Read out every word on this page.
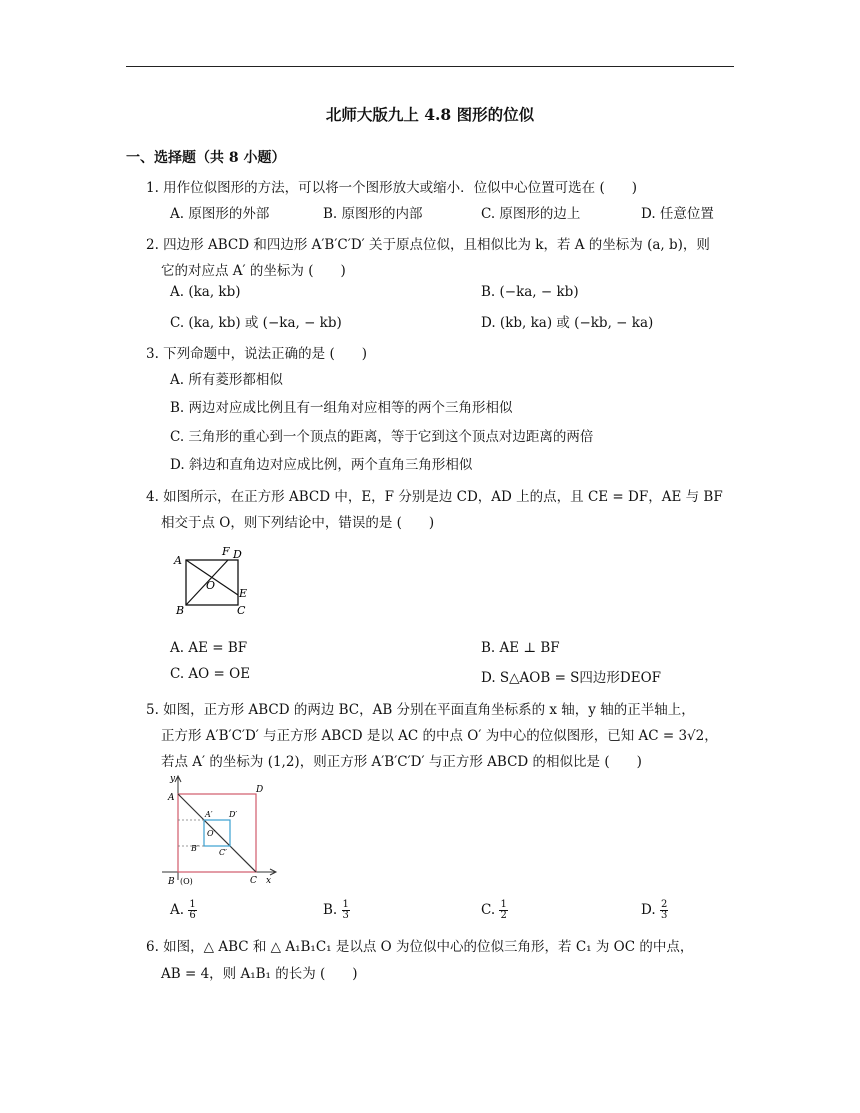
北师大版九上 4.8 图形的位似
一、选择题（共 8 小题）
1. 用作位似图形的方法，可以将一个图形放大或缩小．位似中心位置可选在 (　　)
A. 原图形的外部	B. 原图形的内部	C. 原图形的边上	D. 任意位置
2. 四边形 ABCD 和四边形 A′B′C′D′ 关于原点位似，且相似比为 k，若 A 的坐标为 (a, b)，则
它的对应点 A′ 的坐标为 (　　)
A. (ka, kb)	B. (−ka, − kb)
C. (ka, kb) 或 (−ka, − kb)	D. (kb, ka) 或 (−kb, − ka)
3. 下列命题中，说法正确的是 (　　)
A. 所有菱形都相似
B. 两边对应成比例且有一组角对应相等的两个三角形相似
C. 三角形的重心到一个顶点的距离，等于它到这个顶点对边距离的两倍
D. 斜边和直角边对应成比例，两个直角三角形相似
4. 如图所示，在正方形 ABCD 中，E，F 分别是边 CD，AD 上的点，且 CE = DF，AE 与 BF
相交于点 O，则下列结论中，错误的是 (　　)
A
F D
O
E
B	C
A. AE = BF	B. AE ⊥ BF
C. AO = OE	D. S△AOB = S四边形DEOF
5. 如图，正方形 ABCD 的两边 BC，AB 分别在平面直角坐标系的 x 轴，y 轴的正半轴上，
正方形 A′B′C′D′ 与正方形 ABCD 是以 AC 的中点 O′ 为中心的位似图形，已知 AC = 3√2，
若点 A′ 的坐标为 (1,2)，则正方形 A′B′C′D′ 与正方形 ABCD 的相似比是 (　　)
y
A
D
A′ D′
O′
B′	C′
B (O)	C x
A. $\frac{1}{6}$	B. $\frac{1}{3}$	C. $\frac{1}{2}$	D. $\frac{2}{3}$
6. 如图，△ ABC 和 △ A₁B₁C₁ 是以点 O 为位似中心的位似三角形，若 C₁ 为 OC 的中点，
AB = 4，则 A₁B₁ 的长为 (　　)
